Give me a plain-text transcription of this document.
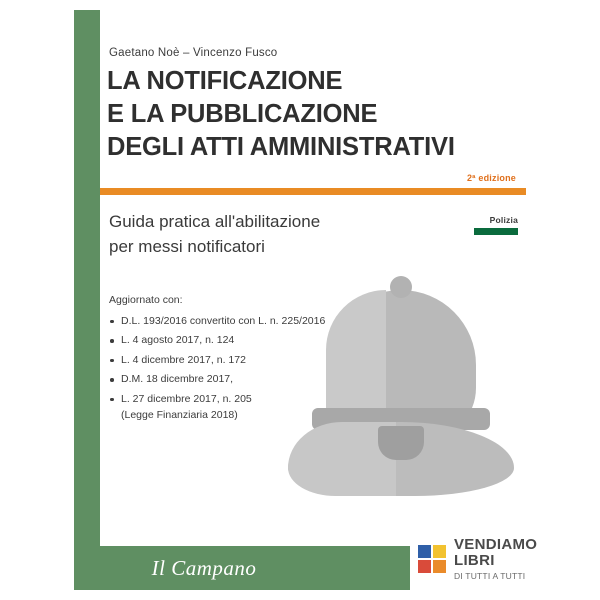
Gaetano Noè – Vincenzo Fusco
LA NOTIFICAZIONE
E LA PUBBLICAZIONE
DEGLI ATTI AMMINISTRATIVI
2ª edizione
Guida pratica all'abilitazione
per messi notificatori
Polizia
Aggiornato con:
D.L. 193/2016 convertito con L. n. 225/2016
L. 4 agosto 2017, n. 124
L. 4 dicembre 2017, n. 172
D.M. 18 dicembre 2017,
L. 27 dicembre 2017, n. 205
(Legge Finanziaria 2018)
Il Campano
VENDIAMO
LIBRI
DI TUTTI A TUTTI
